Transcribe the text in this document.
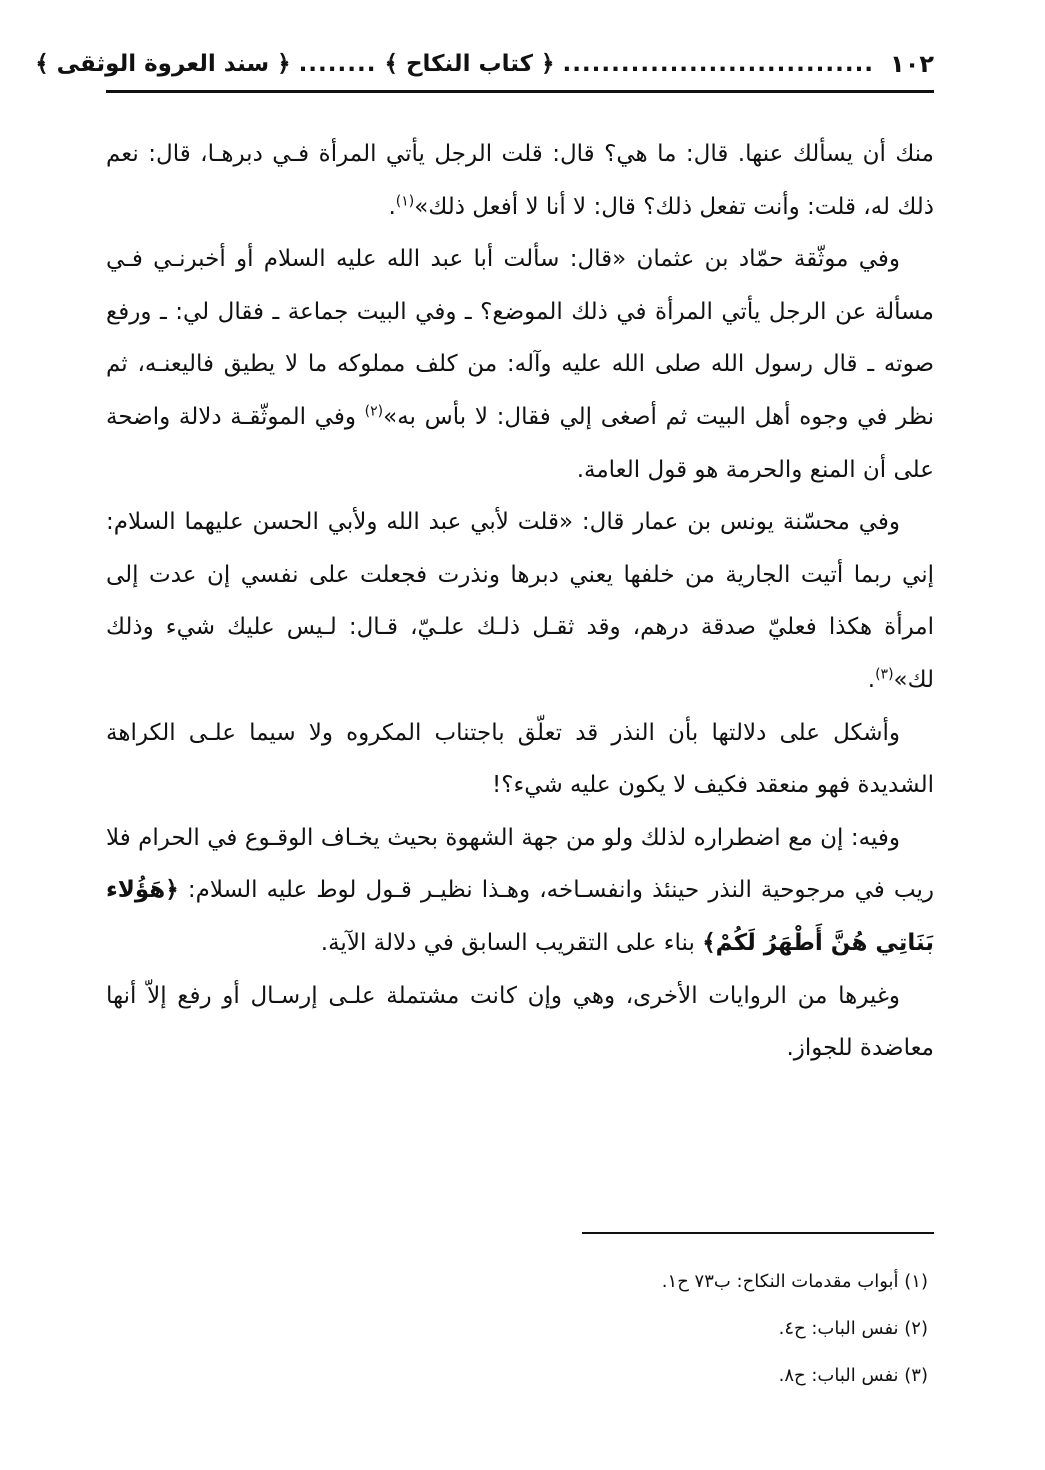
١٠٢
................................
﴿ كتاب النكاح ﴾
........
﴿ سند العروة الوثقى ﴾

منك أن يسألك عنها. قال: ما هي؟ قال: قلت الرجل يأتي المرأة فـي دبرهـا، قال: نعم ذلك له، قلت: وأنت تفعل ذلك؟ قال: لا أنا لا أفعل ذلك»$^{(١)}$.

وفي موثّقة حمّاد بن عثمان «قال: سألت أبا عبد الله عليه السلام أو أخبرنـي فـي مسألة عن الرجل يأتي المرأة في ذلك الموضع؟ ـ وفي البيت جماعة ـ فقال لي: ـ ورفع صوته ـ قال رسول الله صلى الله عليه وآله: من كلف مملوكه ما لا يطيق فاليعنـه، ثم نظر في وجوه أهل البيت ثم أصغى إلي فقال: لا بأس به»$^{(٢)}$ وفي الموثّقـة دلالة واضحة على أن المنع والحرمة هو قول العامة.

وفي محسّنة يونس بن عمار قال: «قلت لأبي عبد الله ولأبي الحسن عليهما السلام: إني ربما أتيت الجارية من خلفها يعني دبرها ونذرت فجعلت على نفسي إن عدت إلى امرأة هكذا فعليّ صدقة درهم، وقد ثقـل ذلـك علـيّ، قـال: لـيس عليك شيء وذلك لك»$^{(٣)}$.

وأشكل على دلالتها بأن النذر قد تعلّق باجتناب المكروه ولا سيما علـى الكراهة الشديدة فهو منعقد فكيف لا يكون عليه شيء؟!

وفيه: إن مع اضطراره لذلك ولو من جهة الشهوة بحيث يخـاف الوقـوع في الحرام فلا ريب في مرجوحية النذر حينئذ وانفسـاخه، وهـذا نظيـر قـول لوط عليه السلام: ﴿هَؤُلاء بَنَاتِي هُنَّ أَطْهَرُ لَكُمْ﴾ بناء على التقريب السابق في دلالة الآية.

وغيرها من الروايات الأخرى، وهي وإن كانت مشتملة علـى إرسـال أو رفع إلاّ أنها معاضدة للجواز.

(١) أبواب مقدمات النكاح: ب٧٣ ح١.
(٢) نفس الباب: ح٤.
(٣) نفس الباب: ح٨.
